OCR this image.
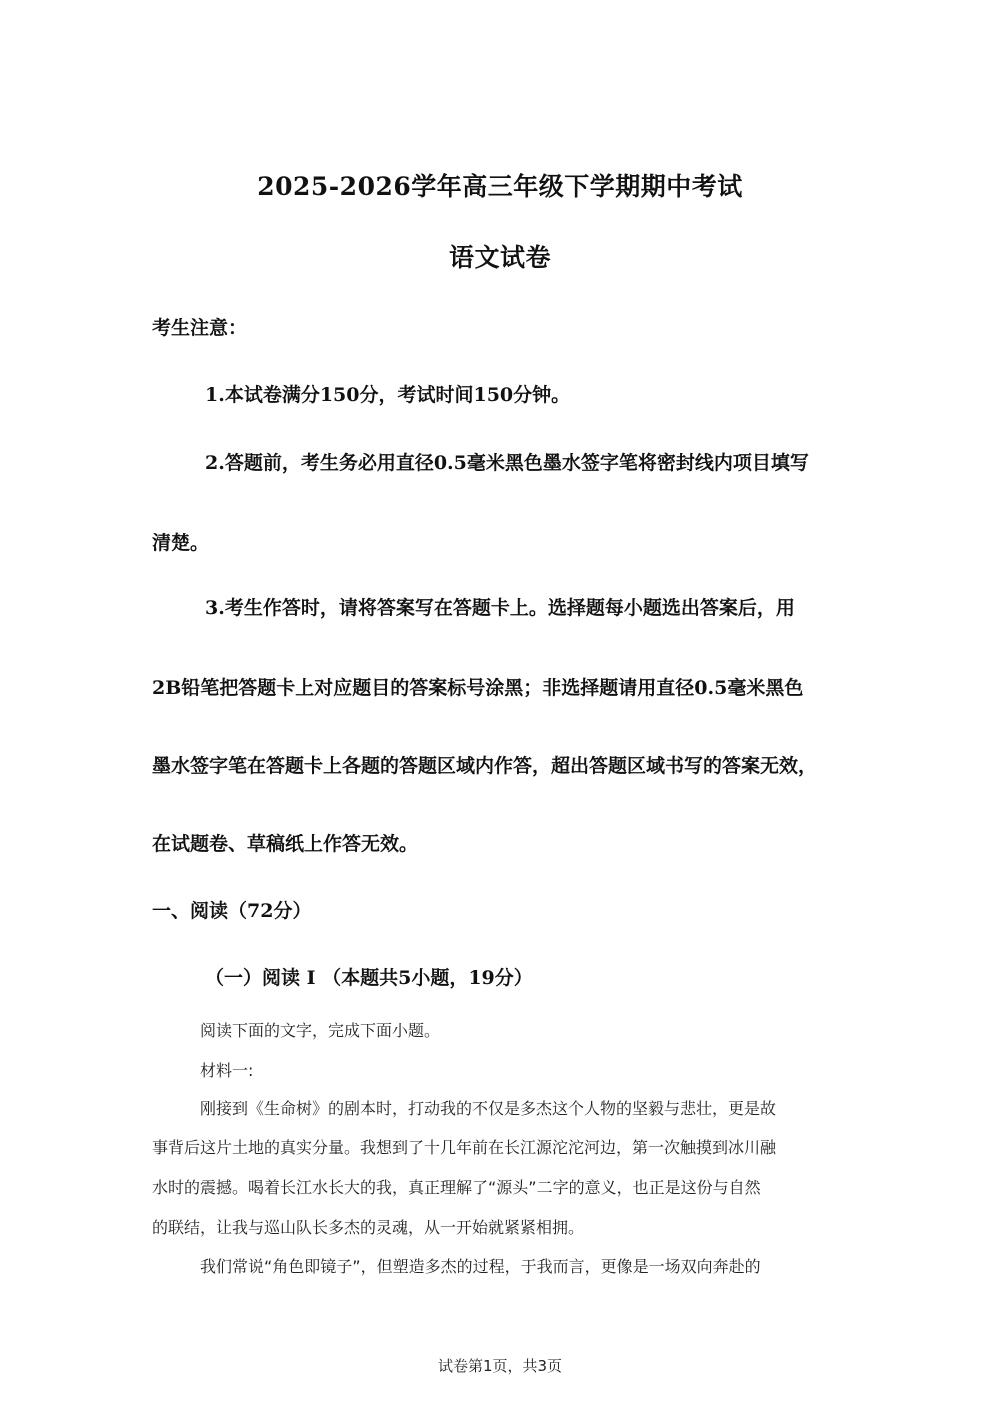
2025-2026学年高三年级下学期期中考试
语文试卷
考生注意：
1.本试卷满分150分，考试时间150分钟。
2.答题前，考生务必用直径0.5毫米黑色墨水签字笔将密封线内项目填写
清楚。
3.考生作答时，请将答案写在答题卡上。选择题每小题选出答案后，用
2B铅笔把答题卡上对应题目的答案标号涂黑；非选择题请用直径0.5毫米黑色
墨水签字笔在答题卡上各题的答题区域内作答，超出答题区域书写的答案无效，
在试题卷、草稿纸上作答无效。
一、阅读（72分）
（一）阅读 I （本题共5小题，19分）
阅读下面的文字，完成下面小题。
材料一:
刚接到《生命树》的剧本时，打动我的不仅是多杰这个人物的坚毅与悲壮，更是故
事背后这片土地的真实分量。我想到了十几年前在长江源沱沱河边，第一次触摸到冰川融
水时的震撼。喝着长江水长大的我，真正理解了“源头”二字的意义，也正是这份与自然
的联结，让我与巡山队长多杰的灵魂，从一开始就紧紧相拥。
我们常说“角色即镜子”，但塑造多杰的过程，于我而言，更像是一场双向奔赴的
试卷第1页，共3页
